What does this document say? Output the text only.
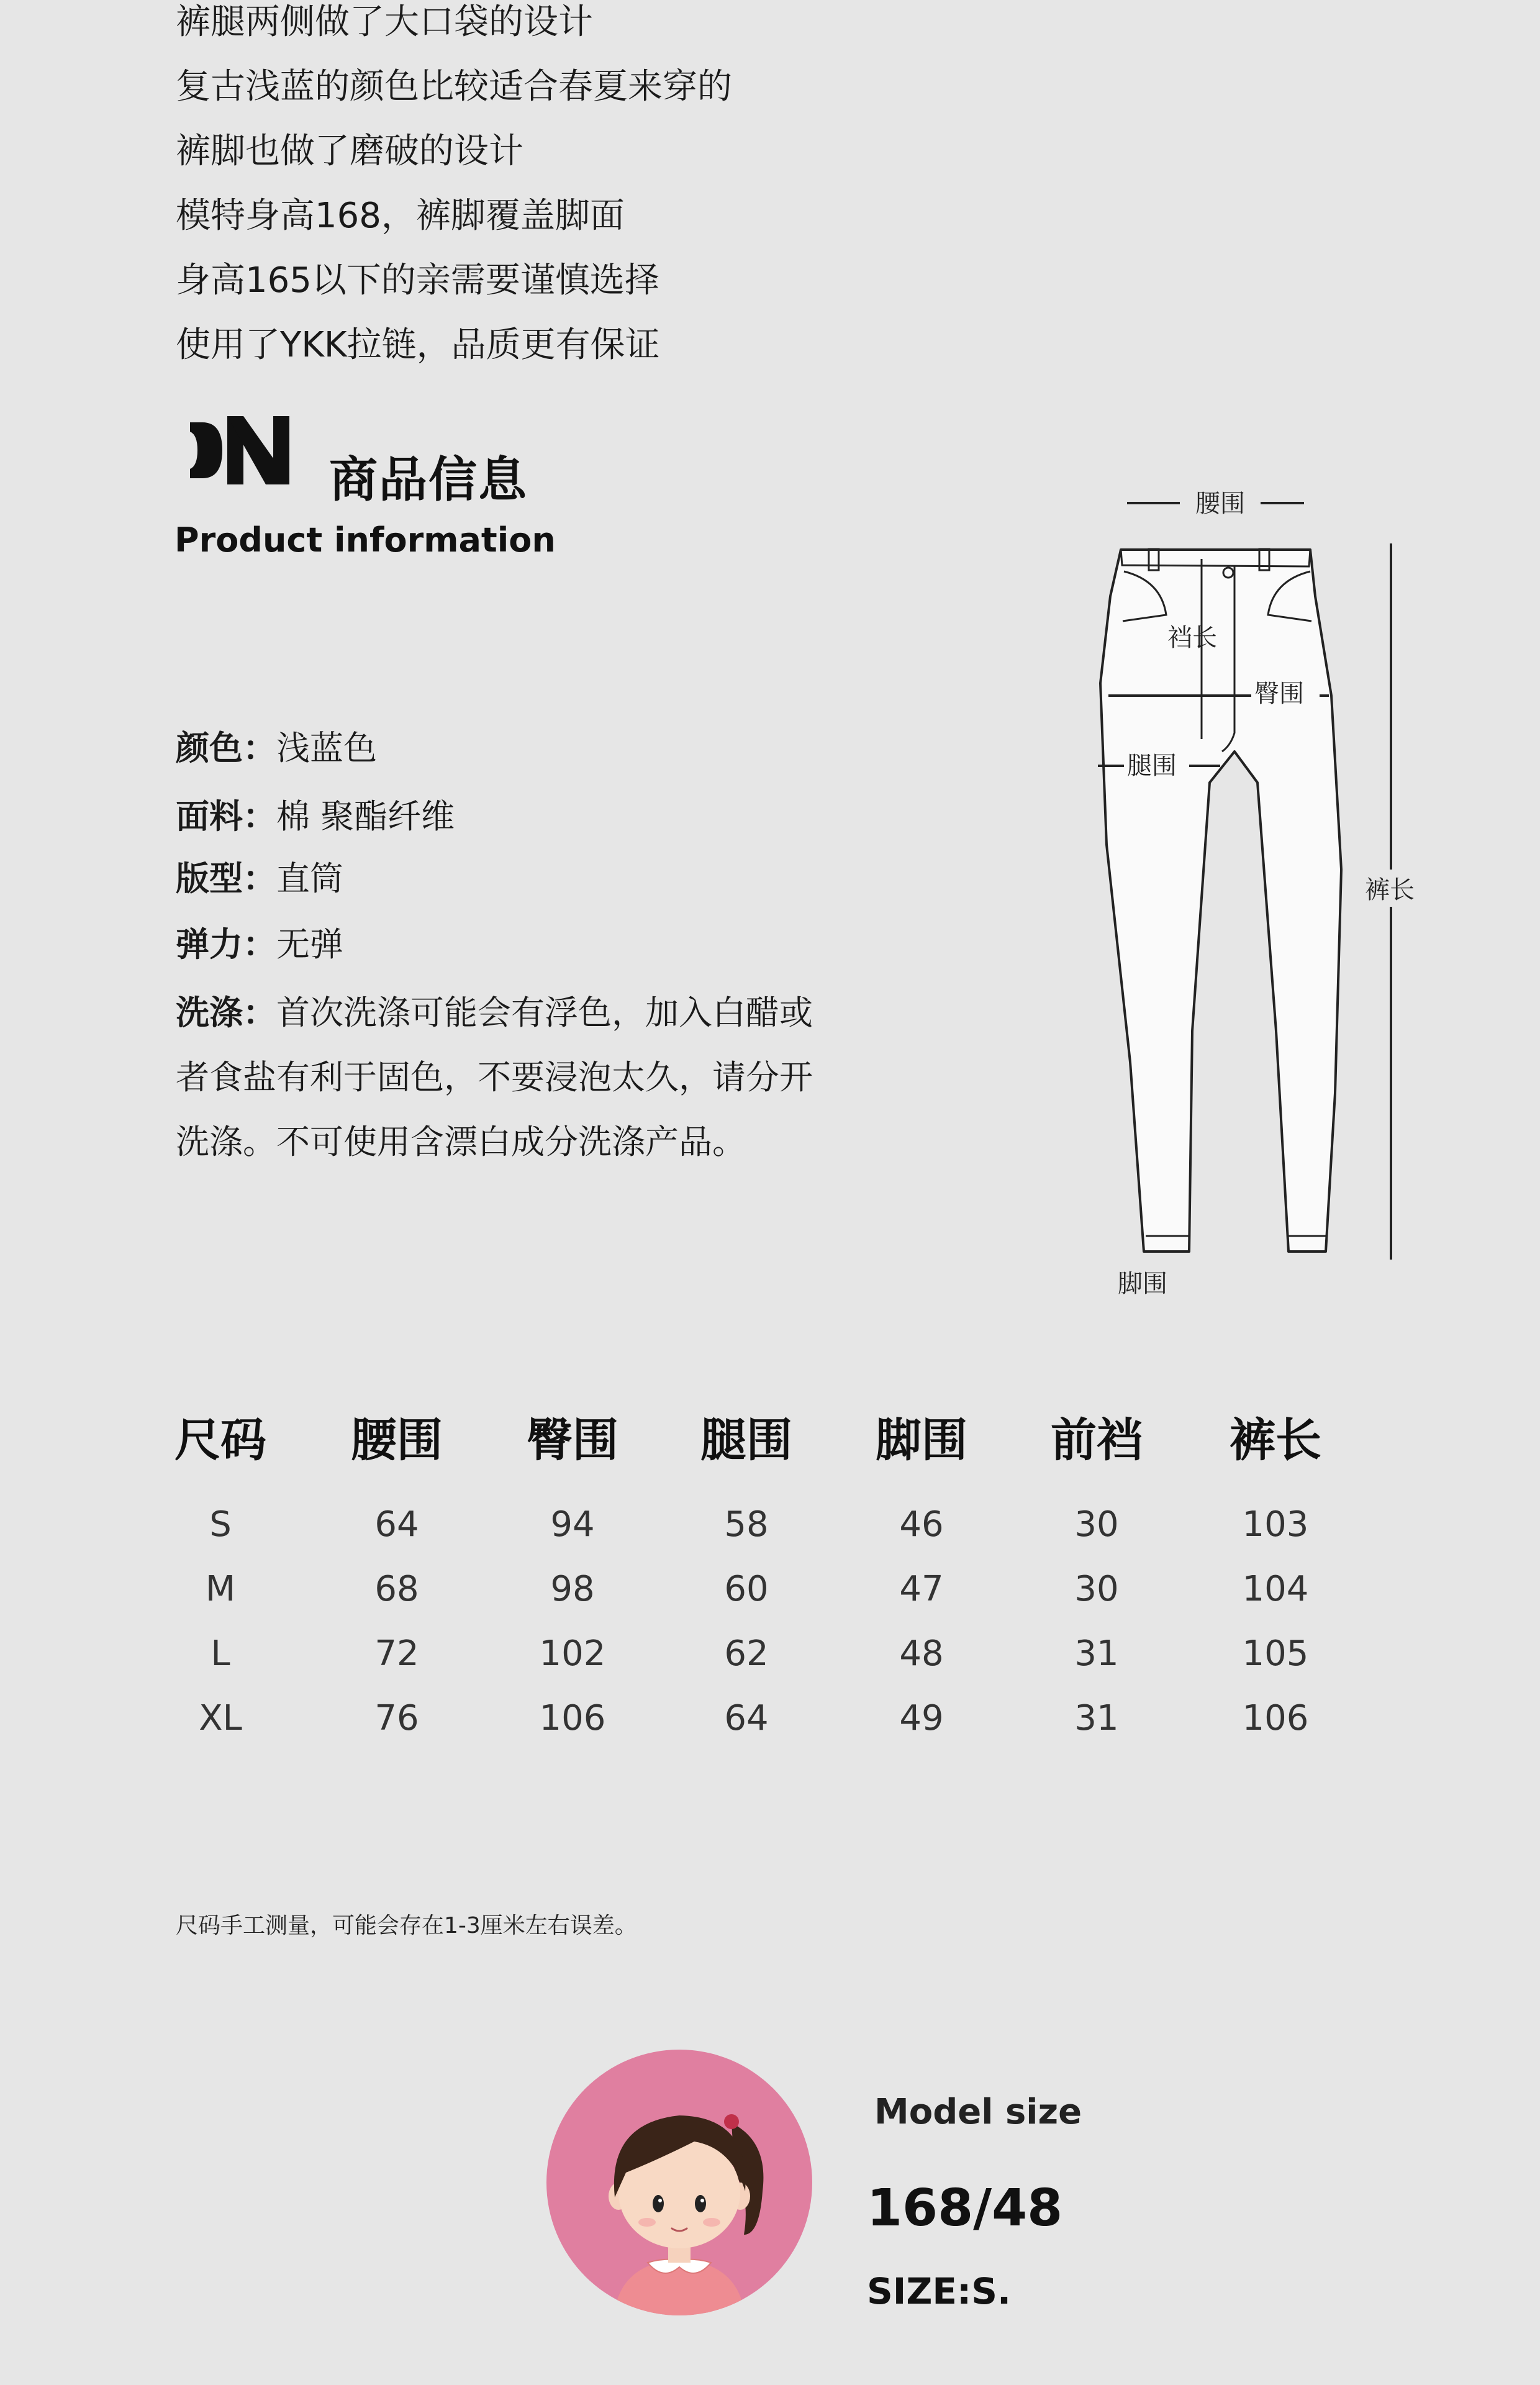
裤腿两侧做了大口袋的设计
复古浅蓝的颜色比较适合春夏来穿的
裤脚也做了磨破的设计
模特身高168，裤脚覆盖脚面
身高165以下的亲需要谨慎选择
使用了YKK拉链，品质更有保证
商品信息
Product information
颜色：浅蓝色
面料：棉 聚酯纤维
版型：直筒
弹力：无弹
洗涤：首次洗涤可能会有浮色，加入白醋或
者食盐有利于固色，不要浸泡太久，请分开
洗涤。不可使用含漂白成分洗涤产品。
腰围
裆长
臀围
腿围
裤长
脚围
尺码	腰围	臀围	腿围	脚围	前裆	裤长
S	64	94	58	46	30	103
M	68	98	60	47	30	104
L	72	102	62	48	31	105
XL	76	106	64	49	31	106
尺码手工测量，可能会存在1-3厘米左右误差。
Model size
168/48
SIZE:S.
